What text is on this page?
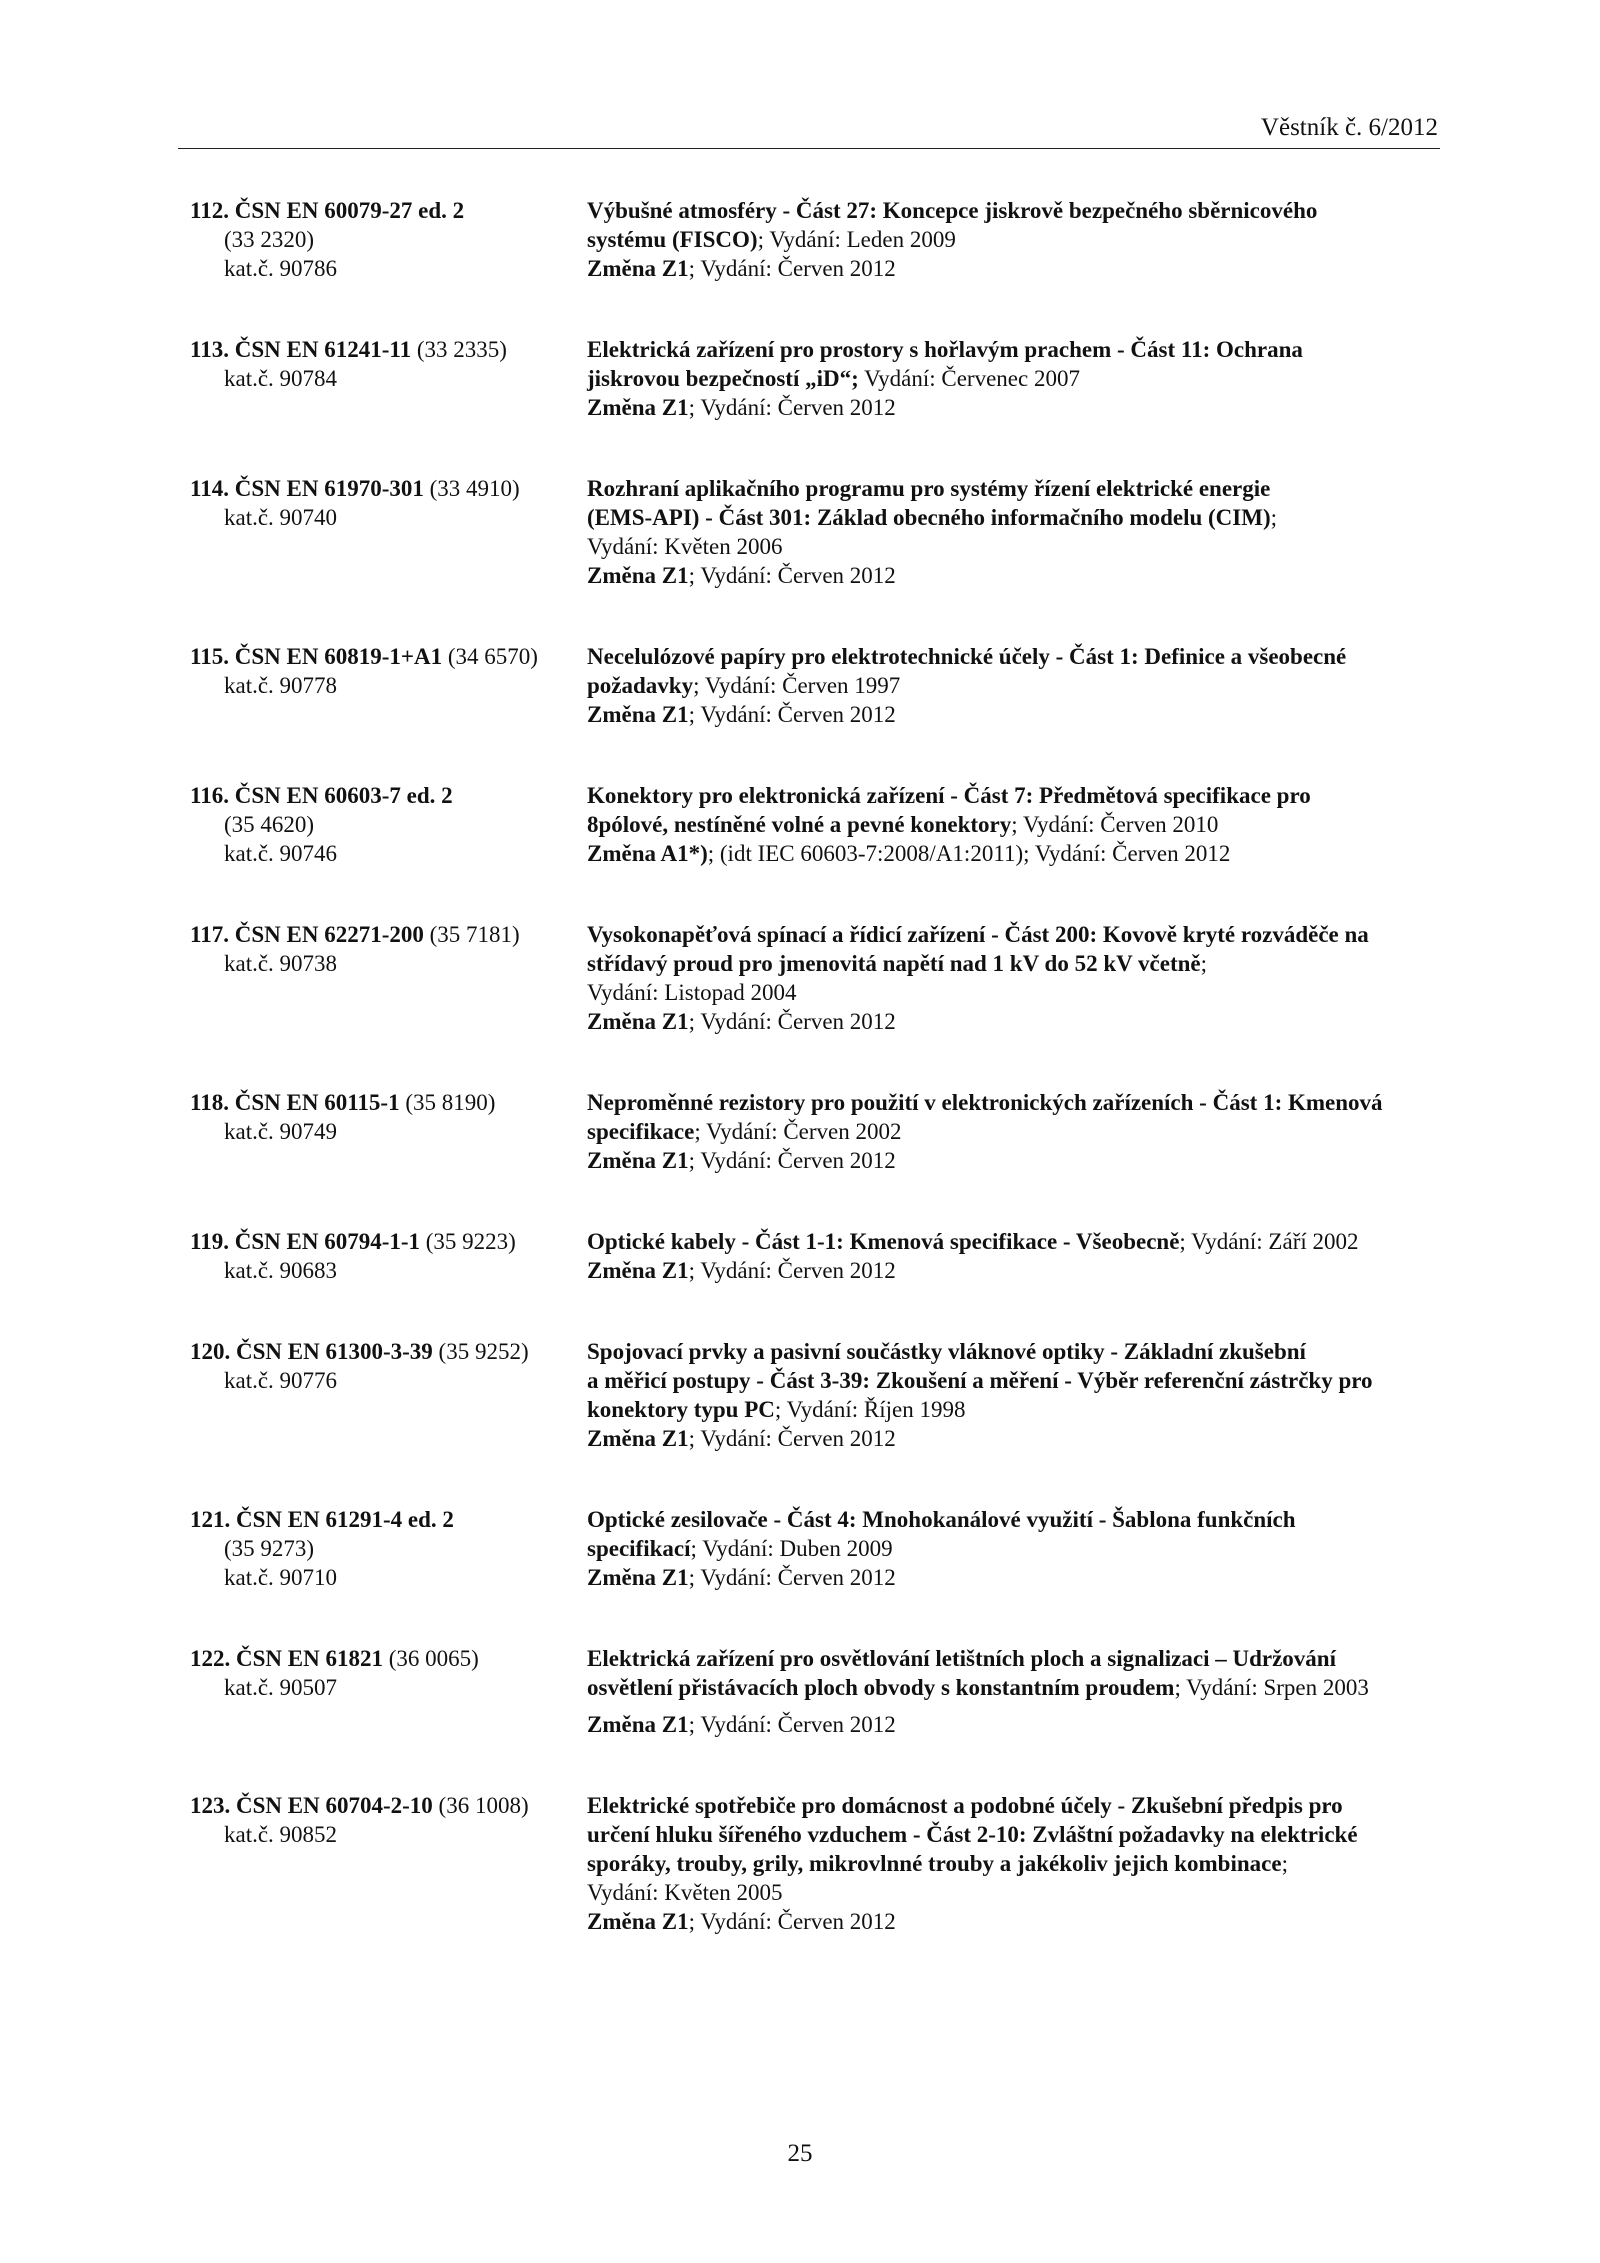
Věstník č. 6/2012
112. ČSN EN 60079-27 ed. 2
(33 2320)
kat.č. 90786
Výbušné atmosféry - Část 27: Koncepce jiskrově bezpečného sběrnicového
systému (FISCO); Vydání: Leden 2009
Změna Z1; Vydání: Červen 2012
113. ČSN EN 61241-11 (33 2335)
kat.č. 90784
Elektrická zařízení pro prostory s hořlavým prachem - Část 11: Ochrana
jiskrovou bezpečností „iD“; Vydání: Červenec 2007
Změna Z1; Vydání: Červen 2012
114. ČSN EN 61970-301 (33 4910)
kat.č. 90740
Rozhraní aplikačního programu pro systémy řízení elektrické energie
(EMS-API) - Část 301: Základ obecného informačního modelu (CIM);
Vydání: Květen 2006
Změna Z1; Vydání: Červen 2012
115. ČSN EN 60819-1+A1 (34 6570)
kat.č. 90778
Necelulózové papíry pro elektrotechnické účely - Část 1: Definice a všeobecné
požadavky; Vydání: Červen 1997
Změna Z1; Vydání: Červen 2012
116. ČSN EN 60603-7 ed. 2
(35 4620)
kat.č. 90746
Konektory pro elektronická zařízení - Část 7: Předmětová specifikace pro
8pólové, nestíněné volné a pevné konektory; Vydání: Červen 2010
Změna A1*); (idt IEC 60603-7:2008/A1:2011); Vydání: Červen 2012
117. ČSN EN 62271-200 (35 7181)
kat.č. 90738
Vysokonapěťová spínací a řídicí zařízení - Část 200: Kovově kryté rozváděče na
střídavý proud pro jmenovitá napětí nad 1 kV do 52 kV včetně;
Vydání: Listopad 2004
Změna Z1; Vydání: Červen 2012
118. ČSN EN 60115-1 (35 8190)
kat.č. 90749
Neproměnné rezistory pro použití v elektronických zařízeních - Část 1: Kmenová
specifikace; Vydání: Červen 2002
Změna Z1; Vydání: Červen 2012
119. ČSN EN 60794-1-1 (35 9223)
kat.č. 90683
Optické kabely - Část 1-1: Kmenová specifikace - Všeobecně; Vydání: Září 2002
Změna Z1; Vydání: Červen 2012
120. ČSN EN 61300-3-39 (35 9252)
kat.č. 90776
Spojovací prvky a pasivní součástky vláknové optiky - Základní zkušební
a měřicí postupy - Část 3-39: Zkoušení a měření - Výběr referenční zástrčky pro
konektory typu PC; Vydání: Říjen 1998
Změna Z1; Vydání: Červen 2012
121. ČSN EN 61291-4 ed. 2
(35 9273)
kat.č. 90710
Optické zesilovače - Část 4: Mnohokanálové využití - Šablona funkčních
specifikací; Vydání: Duben 2009
Změna Z1; Vydání: Červen 2012
122. ČSN EN 61821 (36 0065)
kat.č. 90507
Elektrická zařízení pro osvětlování letištních ploch a signalizaci – Udržování
osvětlení přistávacích ploch obvody s konstantním proudem; Vydání: Srpen 2003
Změna Z1; Vydání: Červen 2012
123. ČSN EN 60704-2-10 (36 1008)
kat.č. 90852
Elektrické spotřebiče pro domácnost a podobné účely - Zkušební předpis pro
určení hluku šířeného vzduchem - Část 2-10: Zvláštní požadavky na elektrické
sporáky, trouby, grily, mikrovlnné trouby a jakékoliv jejich kombinace;
Vydání: Květen 2005
Změna Z1; Vydání: Červen 2012
25
